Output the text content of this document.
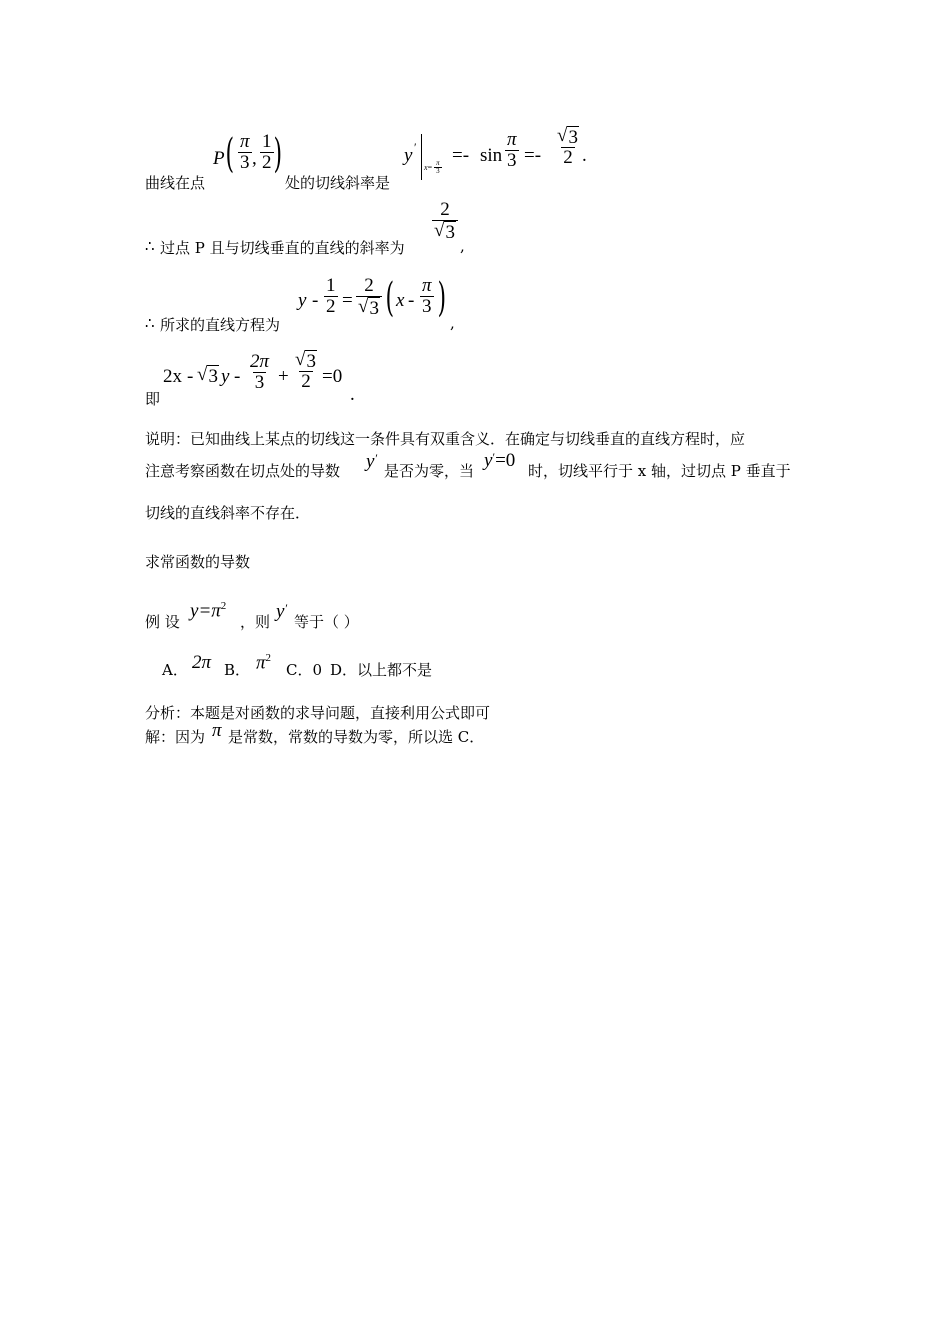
曲线在点
P ( $\frac{\pi}{3}$ , $\frac{1}{2}$ )
处的切线斜率是
y ′
$x= \frac{\pi}{3}$
=- $\sin \frac{\pi}{3} =- \frac{√ 3}{2}$ .
∴ 过点 P 且与切线垂直的直线的斜率为
$\frac{2}{√ 3}$
,
∴ 所求的直线方程为
$y - \frac{1}{2} = \frac{2}{√ 3}$ ( x - $\frac{\pi}{3}$ )
,
即
2x - √ 3 $y - \frac{2\pi}{3} + \frac{√ 3}{2} =0$
.
说明：已知曲线上某点的切线这一条件具有双重含义．在确定与切线垂直的直线方程时，应
注意考察函数在切点处的导数 y′
是否为零，当 y′=0 时，切线平行于 x 轴，过切点 P 垂直于
切线的直线斜率不存在．
求常函数的导数
例 设
$y=\pi^2$
，则 y′
等于（ ）
A． 2π B． $\pi^2$
C．0 D．以上都不是
分析：本题是对函数的求导问题，直接利用公式即可
解：因为 π 是常数，常数的导数为零，所以选 C．
